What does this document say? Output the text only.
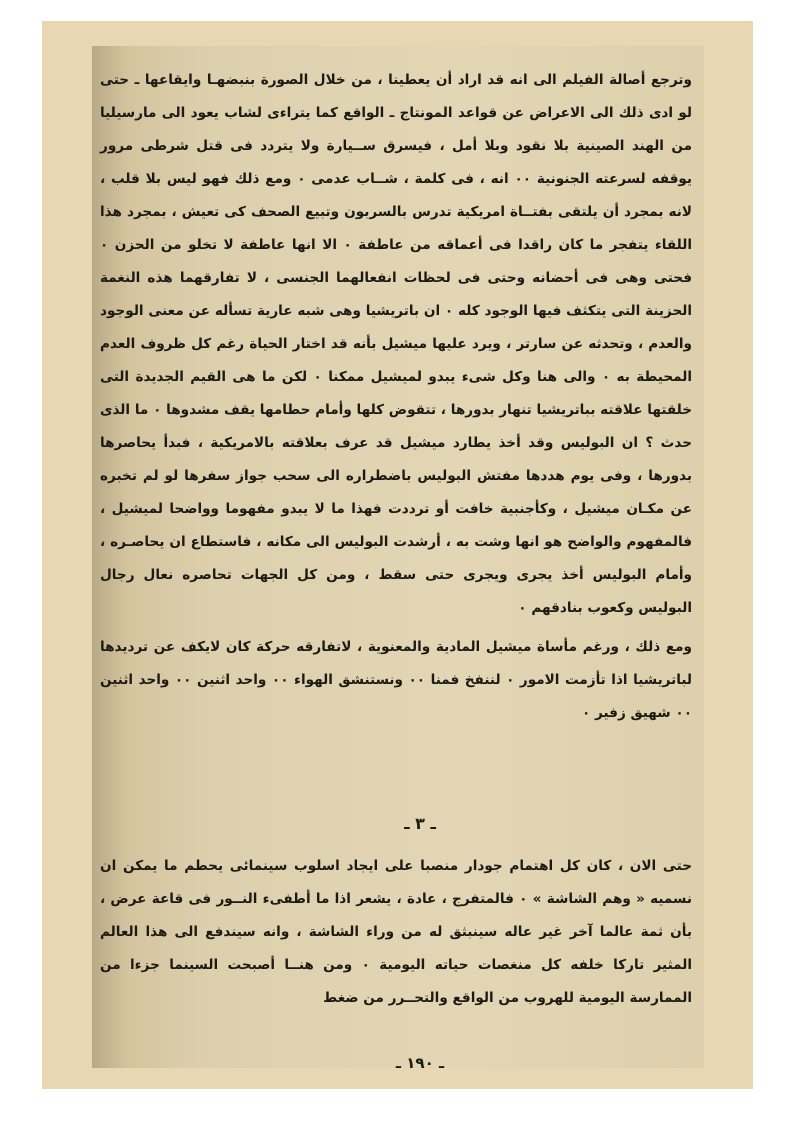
وترجع أصالة الفيلم الى انه قد اراد أن يعطينا ، من خلال الصورة بنبضهـا وايقاعها ـ حتى لو ادى ذلك الى الاعراض عن قواعد المونتاج ـ الواقع كما يتراءى لشاب يعود الى مارسيليا من الهند الصينية بلا نقود وبلا أمل ، فيسرق ســيارة ولا يتردد فى قتل شرطى مرور يوقفه لسرعته الجنونية ٠٠ انه ، فى كلمة ، شــاب عدمى ٠ ومع ذلك فهو ليس بلا قلب ، لانه بمجرد أن يلتقى بفتــاة امريكية تدرس بالسربون وتبيع الصحف كى تعيش ، بمجرد هذا اللقاء يتفجر ما كان راقدا فى أعماقه من عاطفة ٠ الا انها عاطفة لا تخلو من الحزن ٠ فحتى وهى فى أحضانه وحتى فى لحظات انفعالهما الجنسى ، لا تفارقهما هذه النغمة الحزينة التى يتكثف فيها الوجود كله ٠ ان باتريشيا وهى شبه عارية تسأله عن معنى الوجود والعدم ، وتحدثه عن سارتر ، ويرد عليها ميشيل بأنه قد اختار الحياة رغم كل ظروف العدم المحيطة به ٠ والى هنا وكل شىء يبدو لميشيل ممكنا ٠ لكن ما هى القيم الجديدة التى خلقتها علاقته بباتريشيا تنهار بدورها ، تتقوض كلها وأمام حطامها يقف مشدوها ٠ ما الذى حدث ؟ ان البوليس وقد أخذ يطارد ميشيل قد عرف بعلاقته بالامريكية ، فبدأ يحاصرها بدورها ، وفى يوم هددها مفتش البوليس باضطراره الى سحب جواز سفرها لو لم تخبره عن مكـان ميشيل ، وكأجنبية خافت أو ترددت فهذا ما لا يبدو مفهوما وواضحا لميشيل ، فالمفهوم والواضح هو انها وشت به ، أرشدت البوليس الى مكانه ، فاستطاع ان يحاصـره ، وأمام البوليس أخذ يجرى ويجرى حتى سقط ، ومن كل الجهات تحاصره نعال رجال البوليس وكعوب بنادقهم ٠

ومع ذلك ، ورغم مأساة ميشيل المادية والمعنوية ، لاتفارقه حركة كان لايكف عن ترديدها لباتريشيا اذا تأزمت الامور ٠ لننفخ فمنا ٠٠ ونستنشق الهواء ٠٠ واحد اثنين ٠٠ واحد اثنين ٠٠ شهيق زفير ٠

ـ ٣ ـ

حتى الان ، كان كل اهتمام جودار منصبا على ايجاد اسلوب سينمائى يحطم ما يمكن ان نسميه « وهم الشاشة » ٠ فالمتفرج ، عادة ، يشعر اذا ما أطفىء النــور فى قاعة عرض ، بأن ثمة عالما آخر غير عاله سينبثق له من وراء الشاشة ، وانه سيندفع الى هذا العالم المثير تاركا خلفه كل منغصات حياته اليومية ٠ ومن هنــا أصبحت السينما جزءا من الممارسة اليومية للهروب من الواقع والتحــرر من ضغط

ـ ١٩٠ ـ
